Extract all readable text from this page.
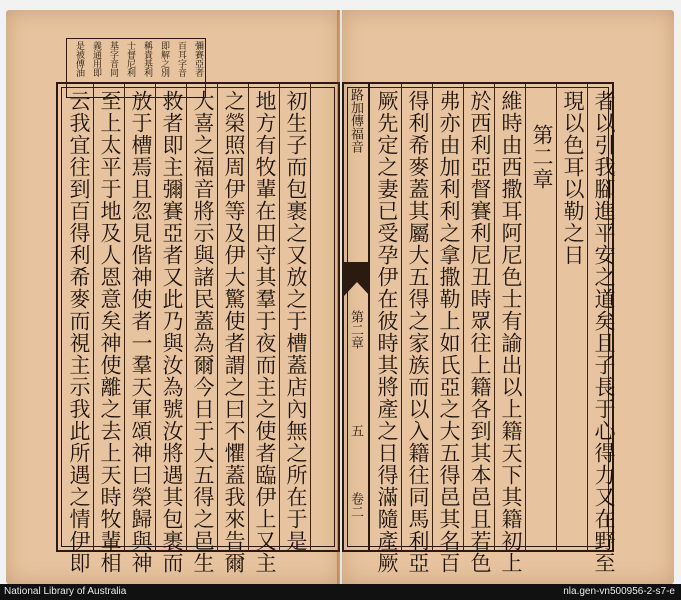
彌賽亞者
百耳字音
即解之別
稱貴基利
士督尼利
基字音同
義通用即
是被傅油
云我宜往到百得利希麥而視主示我此所遇之情伊即 至上太平于地及人恩意矣神使離之去上天時牧輩相 放于槽焉且忽見偕神使者一羣天軍頌神曰榮歸與神 救者即主彌賽亞者又此乃與汝為號汝將遇其包裹而 大喜之福音將示與諸民蓋為爾今日于大五得之邑生 之榮照周伊等及伊大驚使者謂之曰不懼蓋我來告爾 地方有牧輩在田守其羣于夜而主之使者臨伊上又主 初生子而包裹之又放之于槽蓋店內無之所在于是	路加傳福音
第二章
五
卷二 厥先定之妻已受孕伊在彼時其將產之日得滿隨產厥 得利希麥蓋其屬大五得之家族而以入籍往同馬利亞 弗亦由加利利之拿撒勒上如氏亞之大五得邑其名百 於西利亞督賽利尼丑時眾往上籍各到其本邑且若色 維時由西撒耳阿尼色士有諭出以上籍天下其籍初上 第二章 現以色耳以勒之日 者以引我腳進平安之道矣且子長于心得力又在野至
National Library of Australia	nla.gen-vn500956-2-s7-e
